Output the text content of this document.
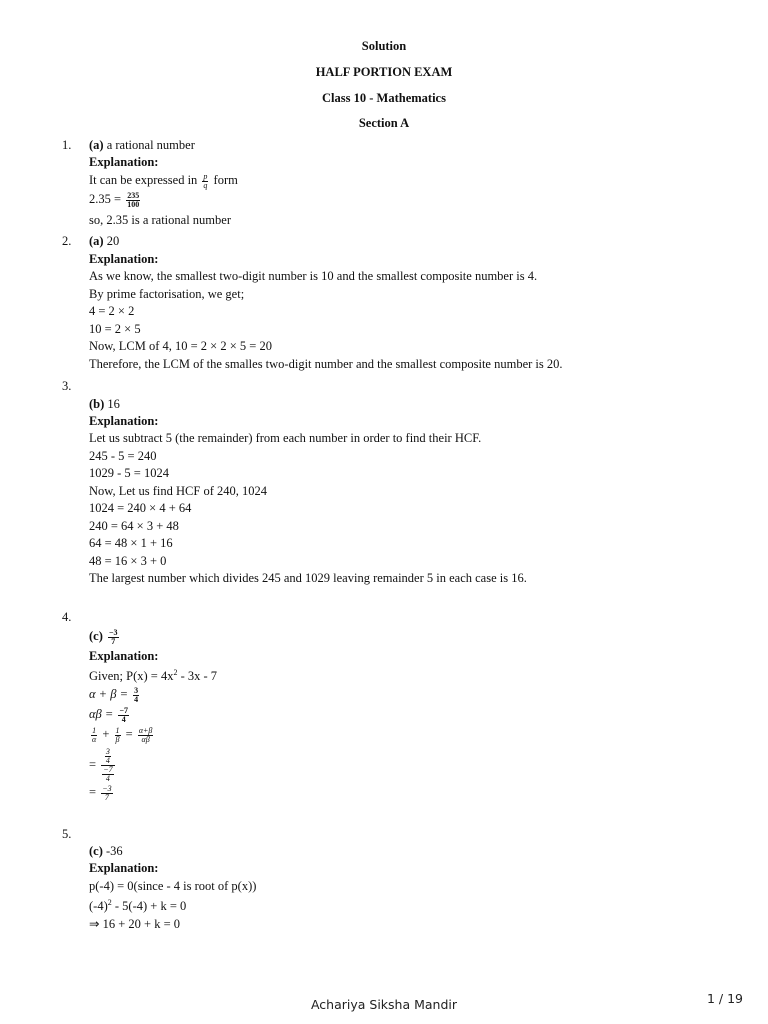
Solution
HALF PORTION EXAM
Class 10 - Mathematics
Section A
1. (a) a rational number
Explanation:
It can be expressed in $\frac{p}{q}$ form
$2.35 = \frac{235}{100}$
so, 2.35 is a rational number
2. (a) 20
Explanation:
As we know, the smallest two-digit number is 10 and the smallest composite number is 4.
By prime factorisation, we get;
4 = 2 × 2
10 = 2 × 5
Now, LCM of 4, 10 = 2 × 2 × 5 = 20
Therefore, the LCM of the smalles two-digit number and the smallest composite number is 20.
3.
(b) 16
Explanation:
Let us subtract 5 (the remainder) from each number in order to find their HCF.
245 - 5 = 240
1029 - 5 = 1024
Now, Let us find HCF of 240, 1024
1024 = 240 × 4 + 64
240 = 64 × 3 + 48
64 = 48 × 1 + 16
48 = 16 × 3 + 0
The largest number which divides 245 and 1029 leaving remainder 5 in each case is 16.
4.
$(c) \frac{-3}{7}$
Explanation:
Given; $P(x) = 4x^2 - 3x - 7$
$\alpha + \beta = \frac{3}{4}$
$\alpha\beta = \frac{-7}{4}$
$\frac{1}{\alpha} + \frac{1}{\beta} = \frac{\alpha+\beta}{\alpha\beta}$
= $\frac{\frac{3}{4}}{\frac{-7}{4}}$
= $\frac{-3}{7}$
5.
(c) -36
Explanation:
p(-4) = 0(since - 4 is root of p(x))
$(-4)^2 - 5(-4) + k = 0$
⇒ 16 + 20 + k = 0
Achariya Siksha Mandir	1 / 19
